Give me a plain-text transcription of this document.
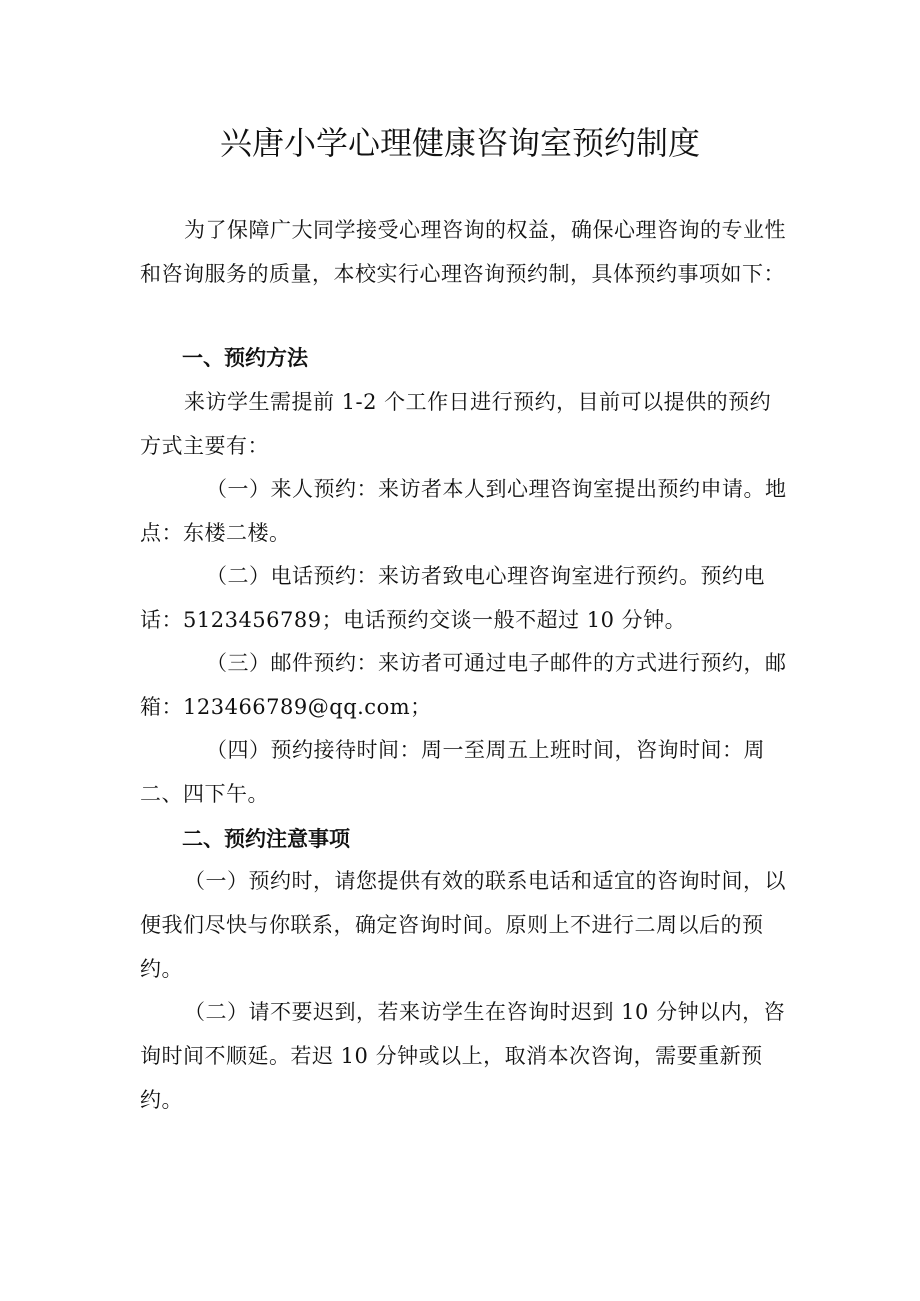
兴唐小学心理健康咨询室预约制度

为了保障广大同学接受心理咨询的权益，确保心理咨询的专业性和咨询服务的质量，本校实行心理咨询预约制，具体预约事项如下：

一、预约方法

来访学生需提前 1-2 个工作日进行预约，目前可以提供的预约方式主要有：

（一）来人预约：来访者本人到心理咨询室提出预约申请。地点：东楼二楼。

（二）电话预约：来访者致电心理咨询室进行预约。预约电话：5123456789；电话预约交谈一般不超过 10 分钟。

（三）邮件预约：来访者可通过电子邮件的方式进行预约，邮箱：123466789@qq.com；

（四）预约接待时间：周一至周五上班时间，咨询时间：周二、四下午。

二、预约注意事项

（一）预约时，请您提供有效的联系电话和适宜的咨询时间，以便我们尽快与你联系，确定咨询时间。原则上不进行二周以后的预约。

（二）请不要迟到，若来访学生在咨询时迟到 10 分钟以内，咨询时间不顺延。若迟 10 分钟或以上，取消本次咨询，需要重新预约。
